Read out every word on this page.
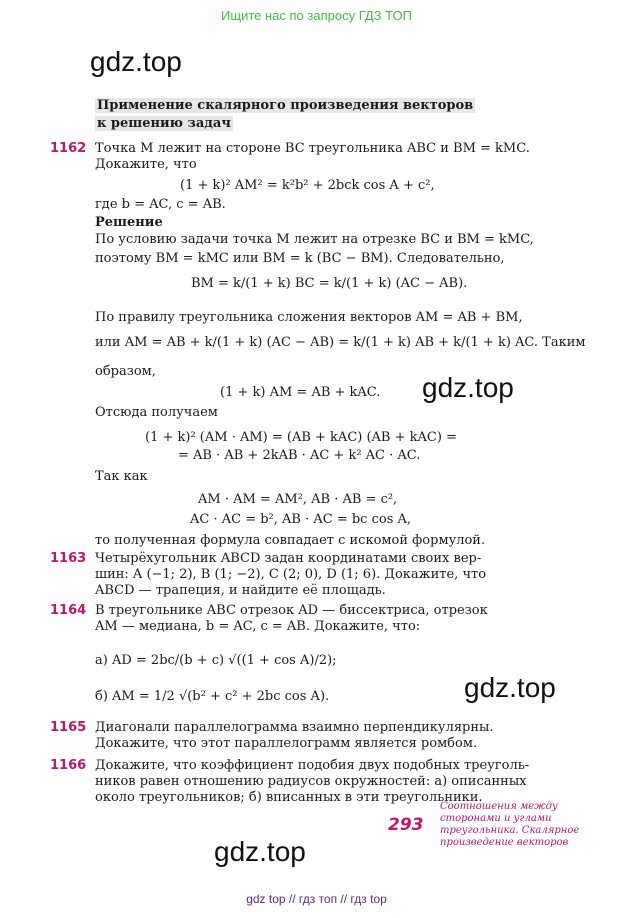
Ищите нас по запросу ГДЗ ТОП
gdz.top
gdz.top
gdz.top
gdz.top
Применение скалярного произведения векторов
к решению задач
1162
1163
1164
1165
1166
Точка M лежит на стороне BC треугольника ABC и BM = kMC.
Докажите, что
(1 + k)² AM² = k²b² + 2bck cos A + c²,
где b = AC, c = AB.
Решение
По условию задачи точка M лежит на отрезке BC и BM = kMC,
поэтому BM = kMC или BM = k (BC − BM). Следовательно,
BM = k/(1 + k) BC = k/(1 + k) (AC − AB).
По правилу треугольника сложения векторов AM = AB + BM,
или AM = AB + k/(1 + k) (AC − AB) = k/(1 + k) AB + k/(1 + k) AC. Таким
образом,
(1 + k) AM = AB + kAC.
Отсюда получаем
(1 + k)² (AM · AM) = (AB + kAC) (AB + kAC) =
= AB · AB + 2kAB · AC + k² AC · AC.
Так как
AM · AM = AM², AB · AB = c²,
AC · AC = b², AB · AC = bc cos A,
то полученная формула совпадает с искомой формулой.
Четырёхугольник ABCD задан координатами своих вер-
шин: A (−1; 2), B (1; −2), C (2; 0), D (1; 6). Докажите, что
ABCD — трапеция, и найдите её площадь.
В треугольнике ABC отрезок AD — биссектриса, отрезок
AM — медиана, b = AC, c = AB. Докажите, что:
а) AD = 2bc/(b + c) √((1 + cos A)/2);
б) AM = 1/2 √(b² + c² + 2bc cos A).
Диагонали параллелограмма взаимно перпендикулярны.
Докажите, что этот параллелограмм является ромбом.
Докажите, что коэффициент подобия двух подобных треуголь-
ников равен отношению радиусов окружностей: а) описанных
около треугольников; б) вписанных в эти треугольники.
293
Соотношения между сторонами и углами треугольника. Скалярное произведение векторов
gdz top // гдз топ // гдз top
